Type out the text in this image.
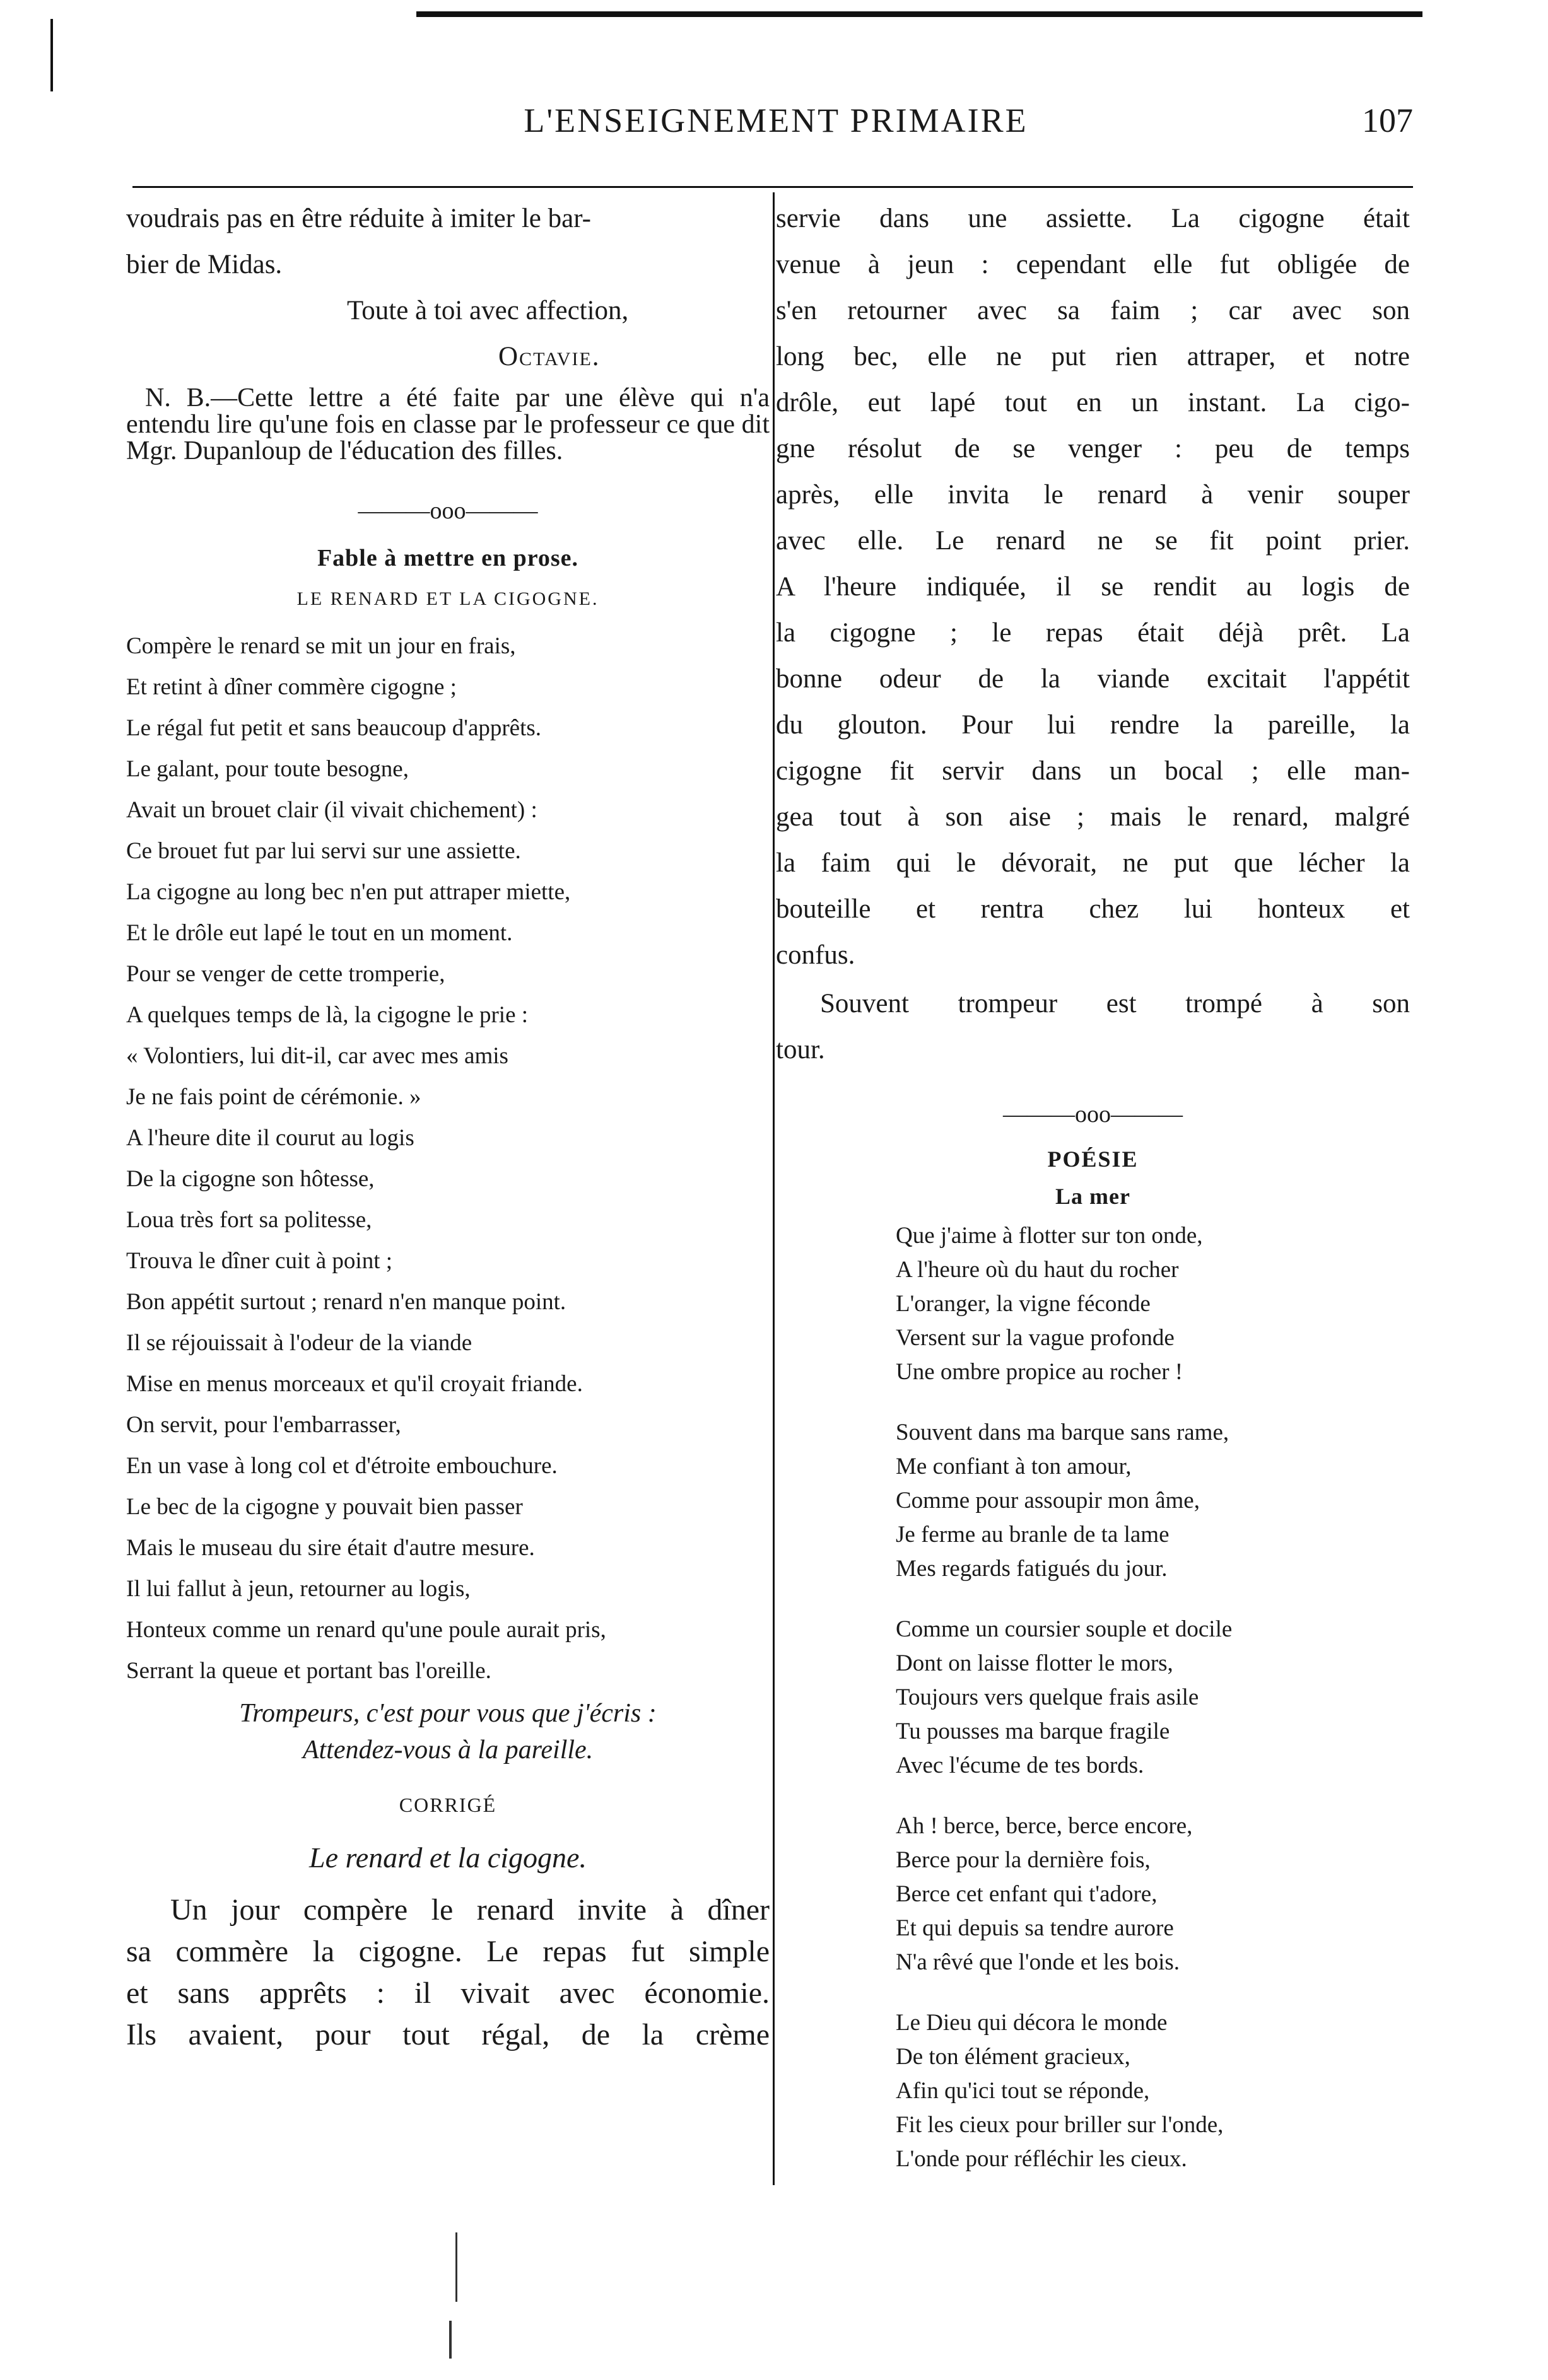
L'ENSEIGNEMENT PRIMAIRE	107

voudrais pas en être réduite à imiter le bar-

bier de Midas.

Toute à toi avec affection,

Octavie.

N. B.—Cette lettre a été faite par une élève qui n'a entendu lire qu'une fois en classe par le professeur ce que dit Mgr. Dupanloup de l'éducation des filles.

———ooo———
Fable à mettre en prose.
LE RENARD ET LA CIGOGNE.

Compère le renard se mit un jour en frais,

Et retint à dîner commère cigogne ;

Le régal fut petit et sans beaucoup d'apprêts.

Le galant, pour toute besogne,

Avait un brouet clair (il vivait chichement) :

Ce brouet fut par lui servi sur une assiette.

La cigogne au long bec n'en put attraper miette,

Et le drôle eut lapé le tout en un moment.

Pour se venger de cette tromperie,

A quelques temps de là, la cigogne le prie :

« Volontiers, lui dit-il, car avec mes amis

Je ne fais point de cérémonie. »

A l'heure dite il courut au logis

De la cigogne son hôtesse,

Loua très fort sa politesse,

Trouva le dîner cuit à point ;

Bon appétit surtout ; renard n'en manque point.

Il se réjouissait à l'odeur de la viande

Mise en menus morceaux et qu'il croyait friande.

On servit, pour l'embarrasser,

En un vase à long col et d'étroite embouchure.

Le bec de la cigogne y pouvait bien passer

Mais le museau du sire était d'autre mesure.

Il lui fallut à jeun, retourner au logis,

Honteux comme un renard qu'une poule aurait pris,

Serrant la queue et portant bas l'oreille.

Trompeurs, c'est pour vous que j'écris :

Attendez-vous à la pareille.

CORRIGÉ
Le renard et la cigogne.

Un jour compère le renard invite à dîner

sa commère la cigogne. Le repas fut simple

et sans apprêts : il vivait avec économie.

Ils avaient, pour tout régal, de la crème

servie dans une assiette. La cigogne était

venue à jeun : cependant elle fut obligée de

s'en retourner avec sa faim ; car avec son

long bec, elle ne put rien attraper, et notre

drôle, eut lapé tout en un instant. La cigo-

gne résolut de se venger : peu de temps

après, elle invita le renard à venir souper

avec elle. Le renard ne se fit point prier.

A l'heure indiquée, il se rendit au logis de

la cigogne ; le repas était déjà prêt. La

bonne odeur de la viande excitait l'appétit

du glouton. Pour lui rendre la pareille, la

cigogne fit servir dans un bocal ; elle man-

gea tout à son aise ; mais le renard, malgré

la faim qui le dévorait, ne put que lécher la

bouteille et rentra chez lui honteux et

confus.

Souvent trompeur est trompé à son

tour.

———ooo———
POÉSIE
La mer

Que j'aime à flotter sur ton onde,

A l'heure où du haut du rocher

L'oranger, la vigne féconde

Versent sur la vague profonde

Une ombre propice au rocher !

Souvent dans ma barque sans rame,

Me confiant à ton amour,

Comme pour assoupir mon âme,

Je ferme au branle de ta lame

Mes regards fatigués du jour.

Comme un coursier souple et docile

Dont on laisse flotter le mors,

Toujours vers quelque frais asile

Tu pousses ma barque fragile

Avec l'écume de tes bords.

Ah ! berce, berce, berce encore,

Berce pour la dernière fois,

Berce cet enfant qui t'adore,

Et qui depuis sa tendre aurore

N'a rêvé que l'onde et les bois.

Le Dieu qui décora le monde

De ton élément gracieux,

Afin qu'ici tout se réponde,

Fit les cieux pour briller sur l'onde,

L'onde pour réfléchir les cieux.
